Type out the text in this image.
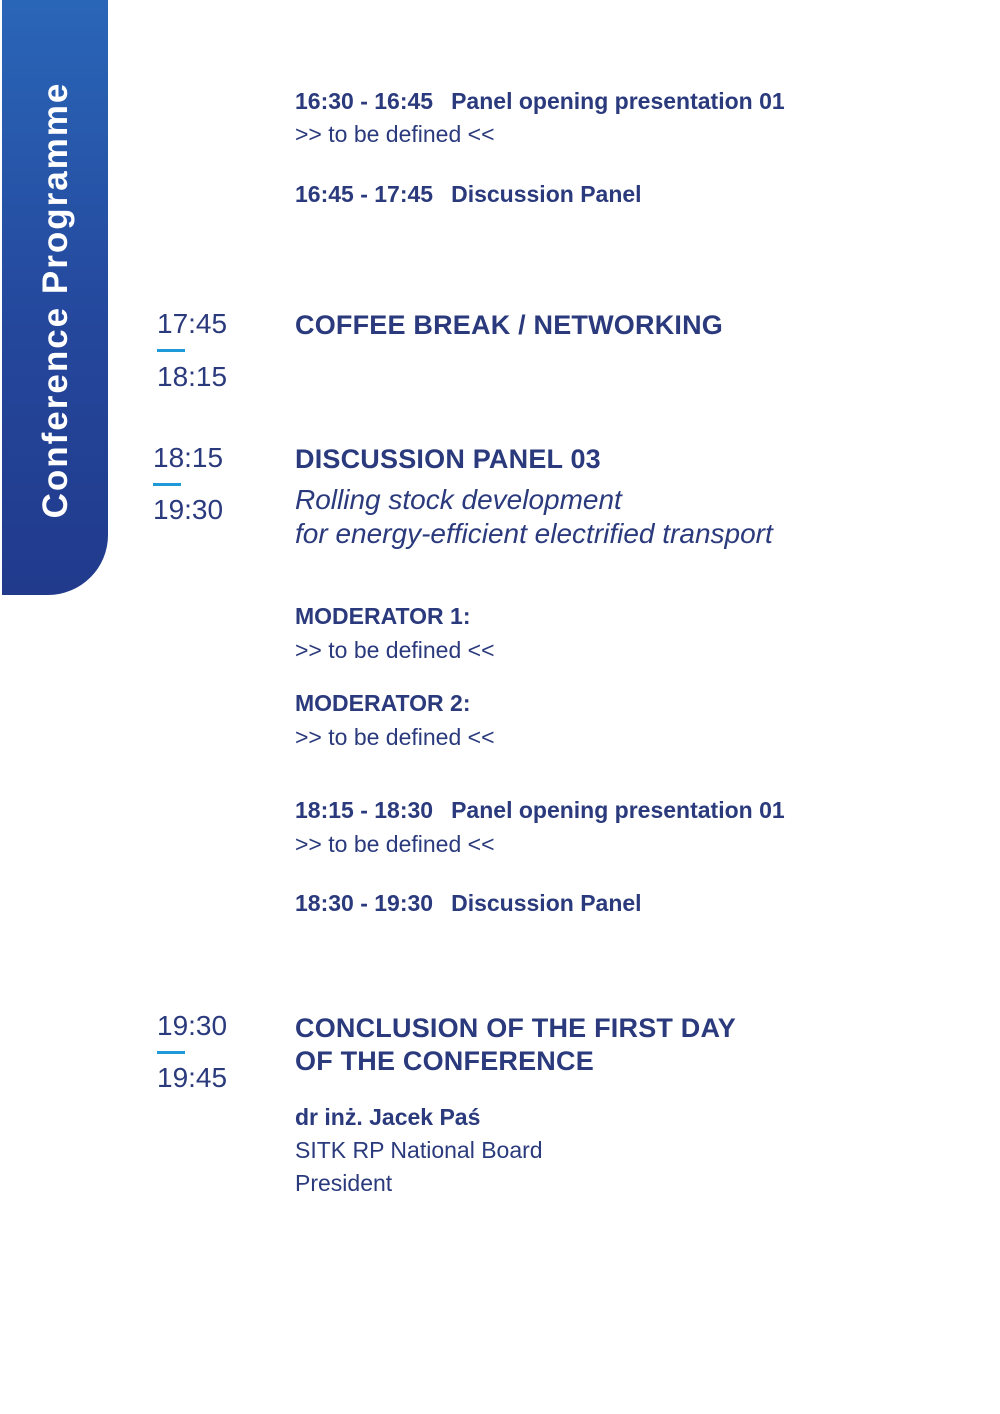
Conference Programme	16:30 - 16:45 Panel opening presentation 01
>> to be defined <<
16:45 - 17:45 Discussion Panel
17:45
18:15
COFFEE BREAK / NETWORKING
18:15
19:30
DISCUSSION PANEL 03
Rolling stock development
for energy-efficient electrified transport
MODERATOR 1:
>> to be defined <<
MODERATOR 2:
>> to be defined <<
18:15 - 18:30 Panel opening presentation 01
>> to be defined <<
18:30 - 19:30 Discussion Panel
19:30
19:45
CONCLUSION OF THE FIRST DAY
OF THE CONFERENCE
dr inż. Jacek Paś
SITK RP National Board
President
